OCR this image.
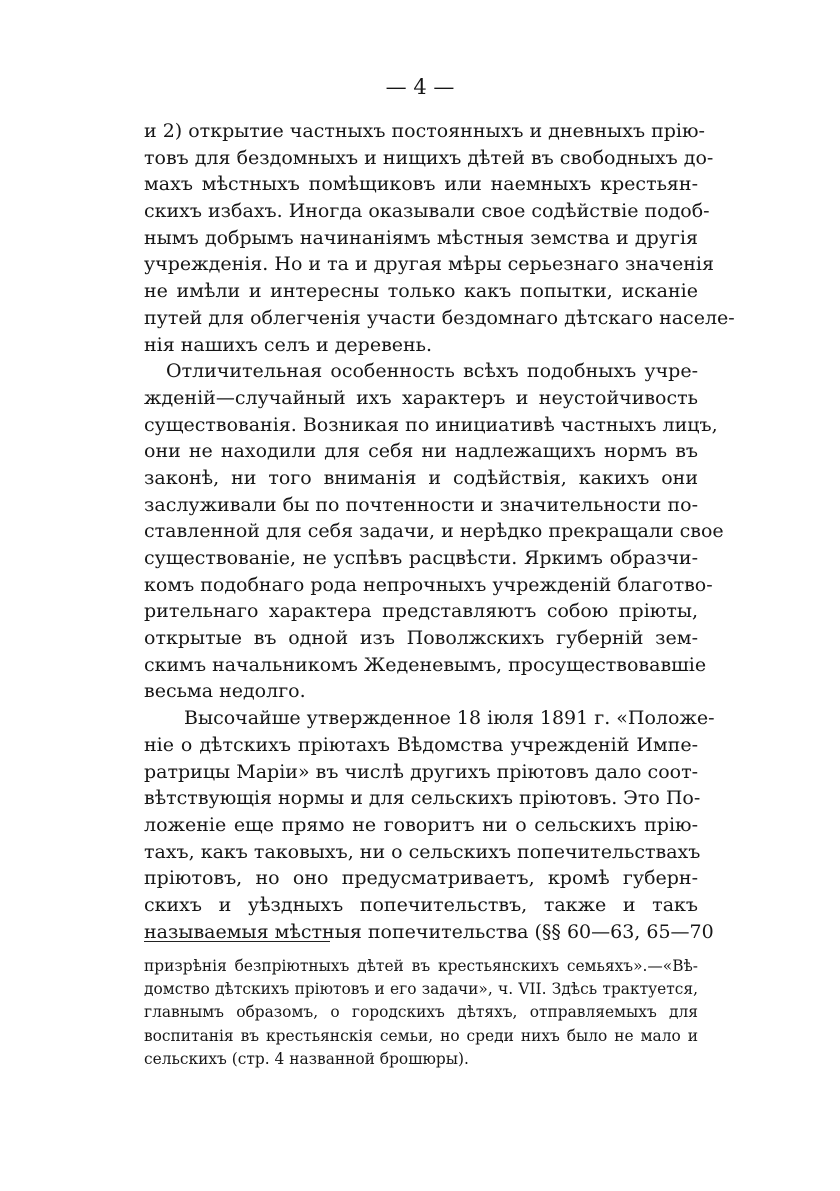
— 4 —
и 2) открытие частныхъ постоянныхъ и дневныхъ прiю-
товъ для бездомныхъ и нищихъ дѣтей въ свободныхъ до-
махъ мѣстныхъ помѣщиковъ или наемныхъ крестьян-
скихъ избахъ. Иногда оказывали свое содѣйствiе подоб-
нымъ добрымъ начинанiямъ мѣстныя земства и другiя
учрежденiя. Но и та и другая мѣры серьезнаго значенiя
не имѣли и интересны только какъ попытки, исканiе
путей для облегченiя участи бездомнаго дѣтскаго населе-
нiя нашихъ селъ и деревень.
Отличительная особенность всѣхъ подобныхъ учре-
жденiй—случайный ихъ характеръ и неустойчивость
существованiя. Возникая по инициативѣ частныхъ лицъ,
они не находили для себя ни надлежащихъ нормъ въ
законѣ, ни того вниманiя и содѣйствiя, какихъ они
заслуживали бы по почтенности и значительности по-
ставленной для себя задачи, и нерѣдко прекращали свое
существованiе, не успѣвъ расцвѣсти. Яркимъ образчи-
комъ подобнаго рода непрочныхъ учрежденiй благотво-
рительнаго характера представляютъ собою прiюты,
открытые въ одной изъ Поволжскихъ губернiй зем-
скимъ начальникомъ Жеденевымъ, просуществовавшiе
весьма недолго.
Высочайше утвержденное 18 iюля 1891 г. «Положе-
нiе о дѣтскихъ прiютахъ Вѣдомства учрежденiй Импе-
ратрицы Марiи» въ числѣ другихъ прiютовъ дало соот-
вѣтствующiя нормы и для сельскихъ прiютовъ. Это По-
ложенiе еще прямо не говоритъ ни о сельскихъ прiю-
тахъ, какъ таковыхъ, ни о сельскихъ попечительствахъ
прiютовъ, но оно предусматриваетъ, кромѣ губерн-
скихъ и уѣздныхъ попечительствъ, также и такъ
называемыя мѣстныя попечительства (§§ 60—63, 65—70
призрѣнiя безпрiютныхъ дѣтей въ крестьянскихъ семьяхъ».—«Вѣ-
домство дѣтскихъ прiютовъ и его задачи», ч. VII. Здѣсь трактуется,
главнымъ образомъ, о городскихъ дѣтяхъ, отправляемыхъ для
воспитанiя въ крестьянскiя семьи, но среди нихъ было не мало и
сельскихъ (стр. 4 названной брошюры).
